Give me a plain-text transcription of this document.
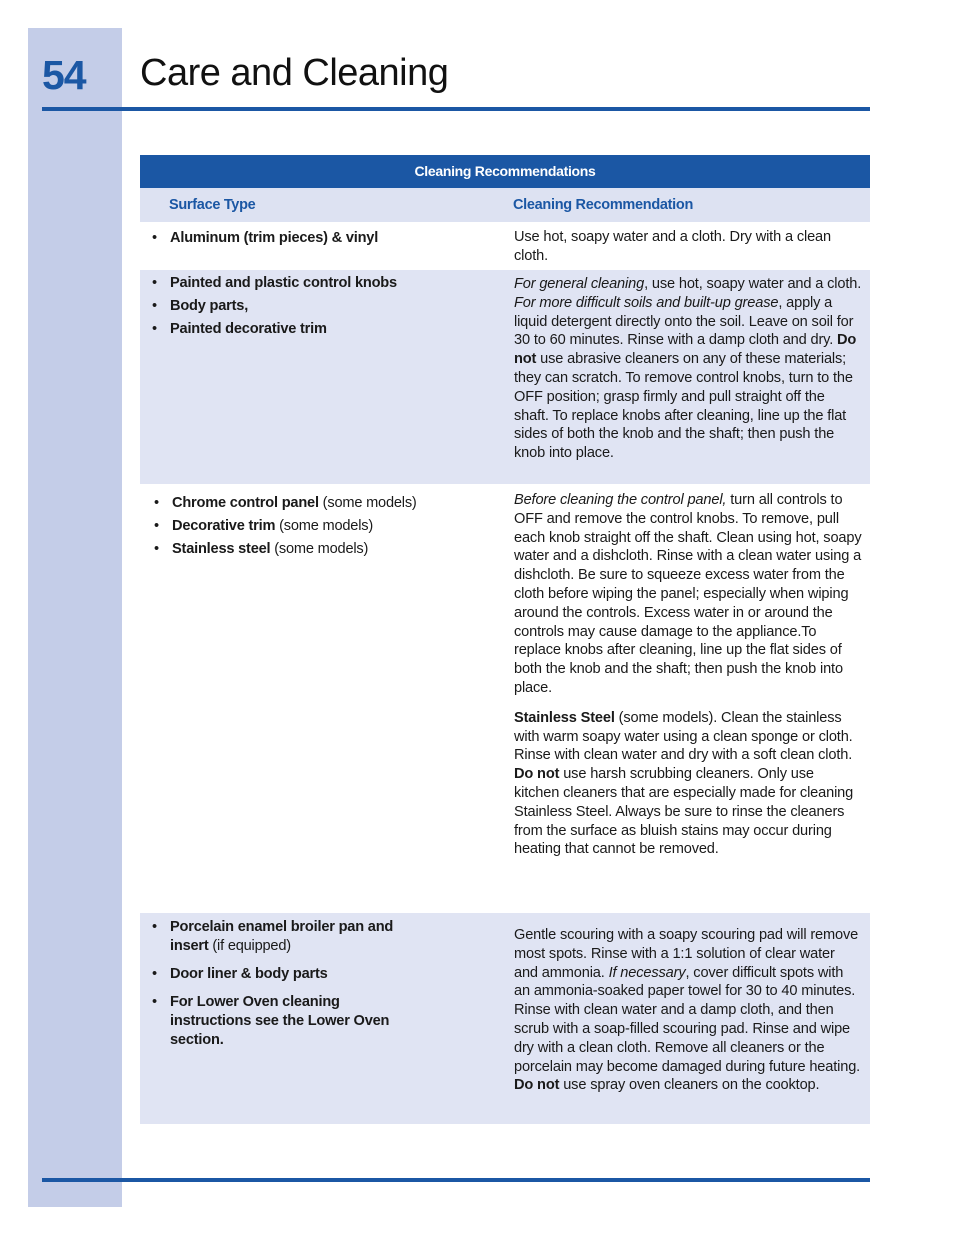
54 Care and Cleaning
Cleaning Recommendations
Surface Type	Cleaning Recommendation
• Aluminum (trim pieces) & vinyl	Use hot, soapy water and a cloth. Dry with a clean cloth.

• Painted and plastic control knobs
• Body parts,
• Painted decorative trim

For general cleaning, use hot, soapy water and a cloth. For more difficult soils and built-up grease, apply a liquid detergent directly onto the soil. Leave on soil for 30 to 60 minutes. Rinse with a damp cloth and dry. Do not use abrasive cleaners on any of these materials; they can scratch. To remove control knobs, turn to the OFF position; grasp firmly and pull straight off the shaft. To replace knobs after cleaning, line up the flat sides of both the knob and the shaft; then push the knob into place.

• Chrome control panel (some models)
• Decorative trim (some models)
• Stainless steel (some models)

Before cleaning the control panel, turn all controls to OFF and remove the control knobs. To remove, pull each knob straight off the shaft. Clean using hot, soapy water and a dishcloth. Rinse with a clean water using a dishcloth. Be sure to squeeze excess water from the cloth before wiping the panel; especially when wiping around the controls. Excess water in or around the controls may cause damage to the appliance.To replace knobs after cleaning, line up the flat sides of both the knob and the shaft; then push the knob into place.

Stainless Steel (some models). Clean the stainless with warm soapy water using a clean sponge or cloth. Rinse with clean water and dry with a soft clean cloth. Do not use harsh scrubbing cleaners. Only use kitchen cleaners that are especially made for cleaning Stainless Steel. Always be sure to rinse the cleaners from the surface as bluish stains may occur during heating that cannot be removed.

• Porcelain enamel broiler pan and insert (if equipped)
• Door liner & body parts
• For Lower Oven cleaning instructions see the Lower Oven section.

Gentle scouring with a soapy scouring pad will remove most spots. Rinse with a 1:1 solution of clear water and ammonia. If necessary, cover difficult spots with an ammonia-soaked paper towel for 30 to 40 minutes. Rinse with clean water and a damp cloth, and then scrub with a soap-filled scouring pad. Rinse and wipe dry with a clean cloth. Remove all cleaners or the porcelain may become damaged during future heating. Do not use spray oven cleaners on the cooktop.
